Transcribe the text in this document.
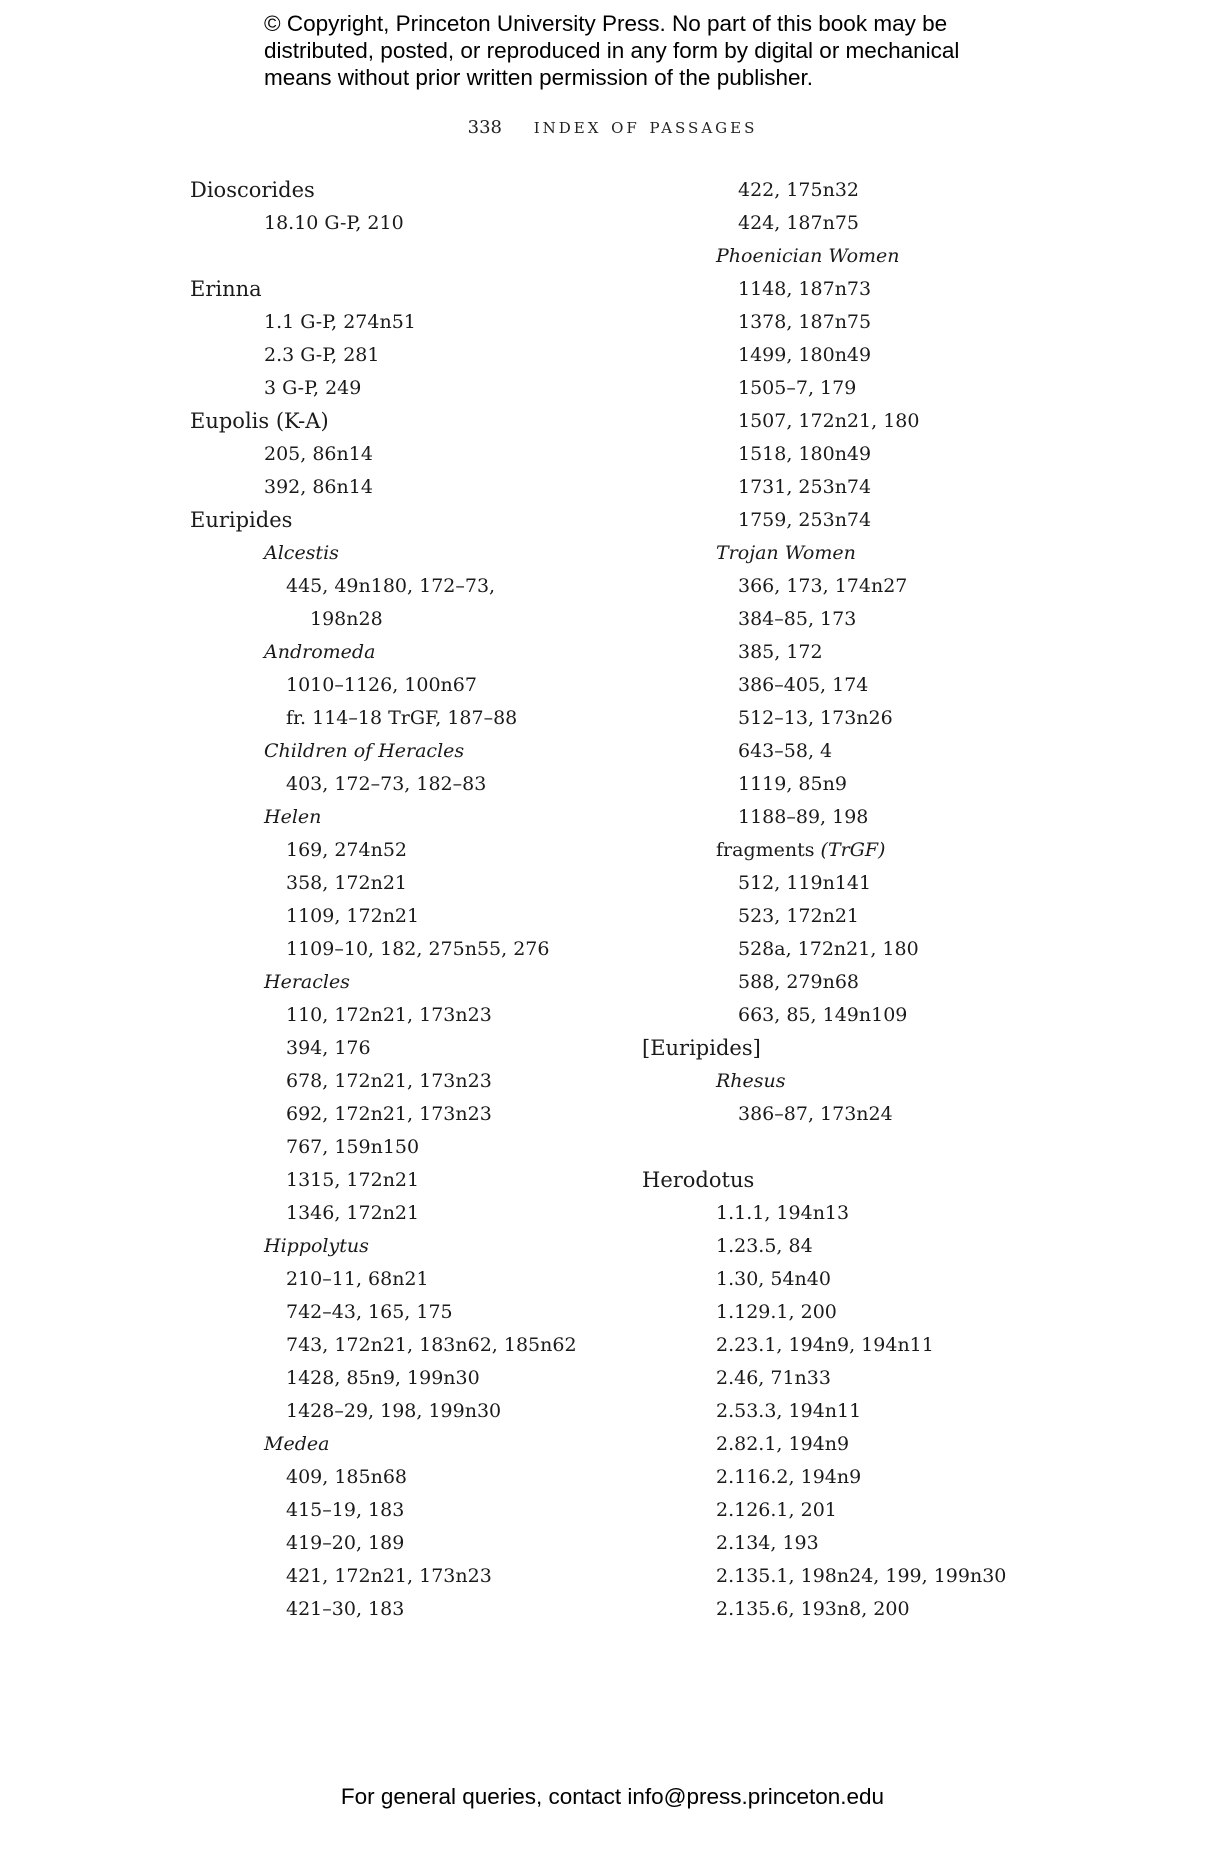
© Copyright, Princeton University Press. No part of this book may be
distributed, posted, or reproduced in any form by digital or mechanical
means without prior written permission of the publisher.
338 index of passages
Dioscorides
18.10 G-P, 210
Erinna
1.1 G-P, 274n51
2.3 G-P, 281
3 G-P, 249
Eupolis (K-A)
205, 86n14
392, 86n14
Euripides
Alcestis
445, 49n180, 172–73,
198n28
Andromeda
1010–1126, 100n67
fr. 114–18 TrGF, 187–88
Children of Heracles
403, 172–73, 182–83
Helen
169, 274n52
358, 172n21
1109, 172n21
1109–10, 182, 275n55, 276
Heracles
110, 172n21, 173n23
394, 176
678, 172n21, 173n23
692, 172n21, 173n23
767, 159n150
1315, 172n21
1346, 172n21
Hippolytus
210–11, 68n21
742–43, 165, 175
743, 172n21, 183n62, 185n62
1428, 85n9, 199n30
1428–29, 198, 199n30
Medea
409, 185n68
415–19, 183
419–20, 189
421, 172n21, 173n23
421–30, 183
422, 175n32
424, 187n75
Phoenician Women
1148, 187n73
1378, 187n75
1499, 180n49
1505–7, 179
1507, 172n21, 180
1518, 180n49
1731, 253n74
1759, 253n74
Trojan Women
366, 173, 174n27
384–85, 173
385, 172
386–405, 174
512–13, 173n26
643–58, 4
1119, 85n9
1188–89, 198
fragments (TrGF)
512, 119n141
523, 172n21
528a, 172n21, 180
588, 279n68
663, 85, 149n109
[Euripides]
Rhesus
386–87, 173n24
Herodotus
1.1.1, 194n13
1.23.5, 84
1.30, 54n40
1.129.1, 200
2.23.1, 194n9, 194n11
2.46, 71n33
2.53.3, 194n11
2.82.1, 194n9
2.116.2, 194n9
2.126.1, 201
2.134, 193
2.135.1, 198n24, 199, 199n30
2.135.6, 193n8, 200
For general queries, contact info@press.princeton.edu
